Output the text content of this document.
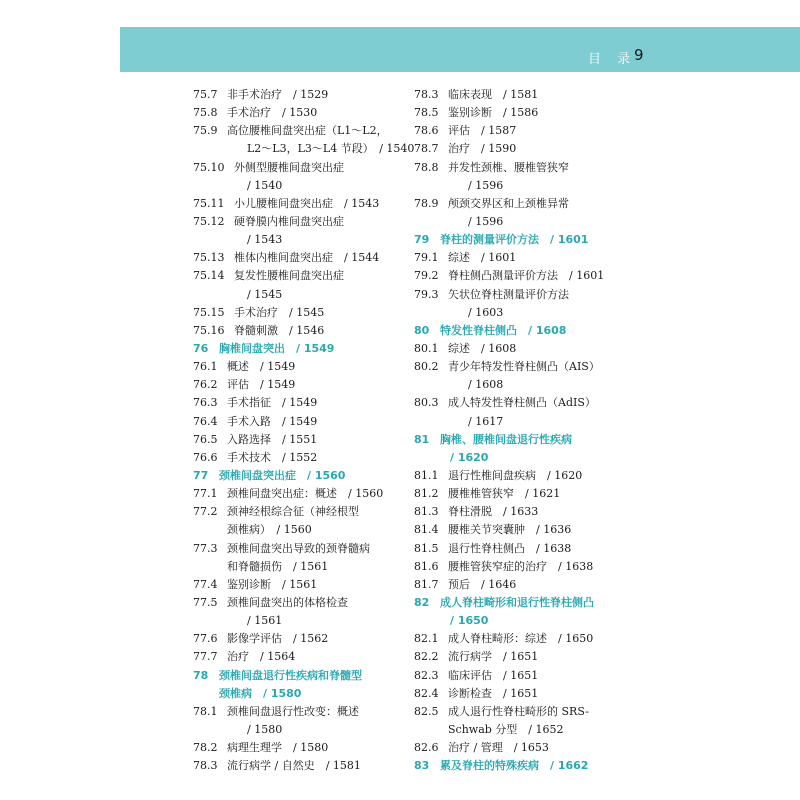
目 录
9
75.7 非手术治疗　/ 1529
75.8 手术治疗　/ 1530
75.9 高位腰椎间盘突出症（L1～L2，
L2～L3，L3～L4 节段）　/ 1540
75.10 外侧型腰椎间盘突出症
/ 1540
75.11 小儿腰椎间盘突出症　/ 1543
75.12 硬脊膜内椎间盘突出症
/ 1543
75.13 椎体内椎间盘突出症　/ 1544
75.14 复发性腰椎间盘突出症
/ 1545
75.15 手术治疗　/ 1545
75.16 脊髓刺激　/ 1546
76 胸椎间盘突出　/ 1549
76.1 概述　/ 1549
76.2 评估　/ 1549
76.3 手术指征　/ 1549
76.4 手术入路　/ 1549
76.5 入路选择　/ 1551
76.6 手术技术　/ 1552
77 颈椎间盘突出症　/ 1560
77.1 颈椎间盘突出症：概述　/ 1560
77.2 颈神经根综合征（神经根型
颈椎病）　/ 1560
77.3 颈椎间盘突出导致的颈脊髓病
和脊髓损伤　/ 1561
77.4 鉴别诊断　/ 1561
77.5 颈椎间盘突出的体格检查
/ 1561
77.6 影像学评估　/ 1562
77.7 治疗　/ 1564
78 颈椎间盘退行性疾病和脊髓型
颈椎病　/ 1580
78.1 颈椎间盘退行性改变：概述
/ 1580
78.2 病理生理学　/ 1580
78.3 流行病学 / 自然史　/ 1581
78.3 临床表现　/ 1581
78.5 鉴别诊断　/ 1586
78.6 评估　/ 1587
78.7 治疗　/ 1590
78.8 并发性颈椎、腰椎管狭窄
/ 1596
78.9 颅颈交界区和上颈椎异常
/ 1596
79 脊柱的测量评价方法　/ 1601
79.1 综述　/ 1601
79.2 脊柱侧凸测量评价方法　/ 1601
79.3 矢状位脊柱测量评价方法
/ 1603
80 特发性脊柱侧凸　/ 1608
80.1 综述　/ 1608
80.2 青少年特发性脊柱侧凸（AIS）
/ 1608
80.3 成人特发性脊柱侧凸（AdIS）
/ 1617
81 胸椎、腰椎间盘退行性疾病
/ 1620
81.1 退行性椎间盘疾病　/ 1620
81.2 腰椎椎管狭窄　/ 1621
81.3 脊柱滑脱　/ 1633
81.4 腰椎关节突囊肿　/ 1636
81.5 退行性脊柱侧凸　/ 1638
81.6 腰椎管狭窄症的治疗　/ 1638
81.7 预后　/ 1646
82 成人脊柱畸形和退行性脊柱侧凸
/ 1650
82.1 成人脊柱畸形：综述　/ 1650
82.2 流行病学　/ 1651
82.3 临床评估　/ 1651
82.4 诊断检查　/ 1651
82.5 成人退行性脊柱畸形的 SRS-
Schwab 分型　/ 1652
82.6 治疗 / 管理　/ 1653
83 累及脊柱的特殊疾病　/ 1662
